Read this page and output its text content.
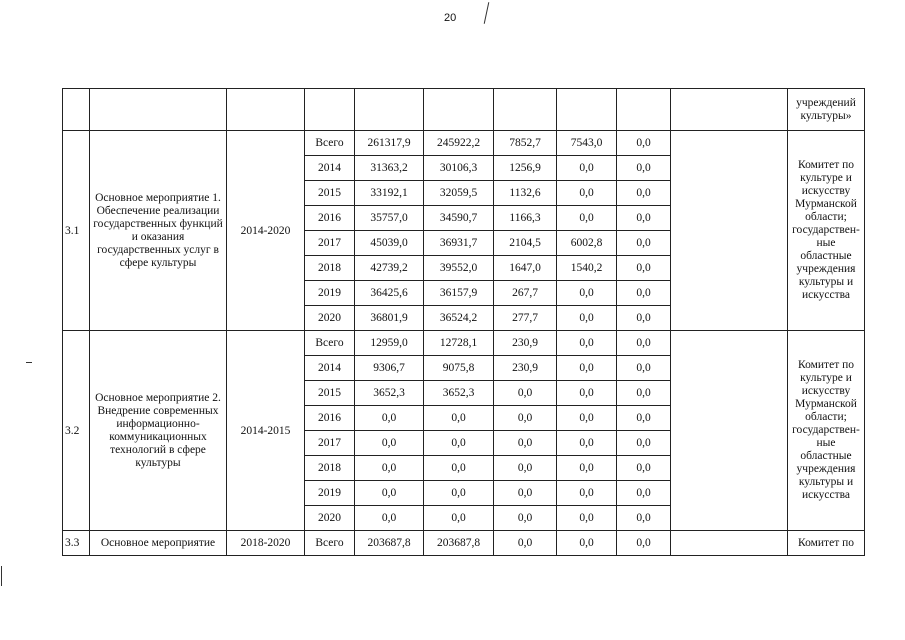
20
										учреждений культуры»
3.1	Основное мероприятие 1. Обеспечение реализации государственных функций и оказания государственных услуг в сфере культуры	2014-2020	Всего	261317,9	245922,2	7852,7	7543,0	0,0		Комитет по культуре и искусству Мурманской области; государствен-ные областные учреждения культуры и искусства
			2014	31363,2	30106,3	1256,9	0,0	0,0		
			2015	33192,1	32059,5	1132,6	0,0	0,0		
			2016	35757,0	34590,7	1166,3	0,0	0,0		
			2017	45039,0	36931,7	2104,5	6002,8	0,0		
			2018	42739,2	39552,0	1647,0	1540,2	0,0		
			2019	36425,6	36157,9	267,7	0,0	0,0		
			2020	36801,9	36524,2	277,7	0,0	0,0		
3.2	Основное мероприятие 2. Внедрение современных информационно-коммуникационных технологий в сфере культуры	2014-2015	Всего	12959,0	12728,1	230,9	0,0	0,0		Комитет по культуре и искусству Мурманской области; государствен-ные областные учреждения культуры и искусства
			2014	9306,7	9075,8	230,9	0,0	0,0		
			2015	3652,3	3652,3	0,0	0,0	0,0		
			2016	0,0	0,0	0,0	0,0	0,0		
			2017	0,0	0,0	0,0	0,0	0,0		
			2018	0,0	0,0	0,0	0,0	0,0		
			2019	0,0	0,0	0,0	0,0	0,0		
			2020	0,0	0,0	0,0	0,0	0,0		
3.3	Основное мероприятие	2018-2020	Всего	203687,8	203687,8	0,0	0,0	0,0		Комитет по
